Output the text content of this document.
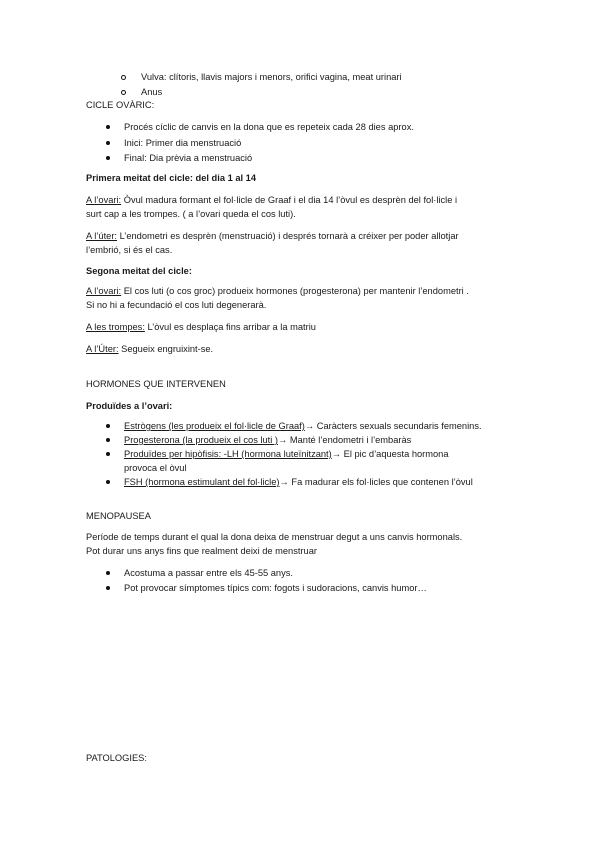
Vulva: clítoris, llavis majors i menors, orifici vagina, meat urinari
Anus
CICLE OVÀRIC:
Procés cíclic de canvis en la dona que es repeteix cada 28 dies aprox.
Inici: Primer dia menstruació
Final: Dia prèvia a menstruació
Primera meitat del cicle: del dia 1 al 14
A l’ovari: Òvul madura formant el fol·licle de Graaf i el dia 14 l’òvul es desprèn del fol·licle i
surt cap a les trompes. ( a l’ovari queda el cos luti).
A l’úter: L’endometri es desprèn (menstruació) i després tornarà a créixer per poder allotjar
l’embrió, si és el cas.
Segona meitat del cicle:
A l’ovari: El cos luti (o cos groc) produeix hormones (progesterona) per mantenir l’endometri .
Si no hi a fecundació el cos luti degenerarà.
A les trompes: L’òvul es desplaça fins arribar a la matriu
A l’Úter: Segueix engruixint-se.
HORMONES QUE INTERVENEN
Produïdes a l’ovari:
Estrògens (les produeix el fol·licle de Graaf)→ Caràcters sexuals secundaris femenins.
Progesterona (la produeix el cos luti )→ Manté l’endometri i l’embaràs
Produïdes per hipòfisis: -LH (hormona luteïnitzant)→ El pic d’aquesta hormona
provoca el òvul
FSH (hormona estimulant del fol·licle)→ Fa madurar els fol·licles que contenen l’òvul
MENOPAUSEA
Període de temps durant el qual la dona deixa de menstruar degut a uns canvis hormonals.
Pot durar uns anys fins que realment deixi de menstruar
Acostuma a passar entre els 45-55 anys.
Pot provocar símptomes típics com: fogots i sudoracions, canvis humor…
PATOLOGIES:
